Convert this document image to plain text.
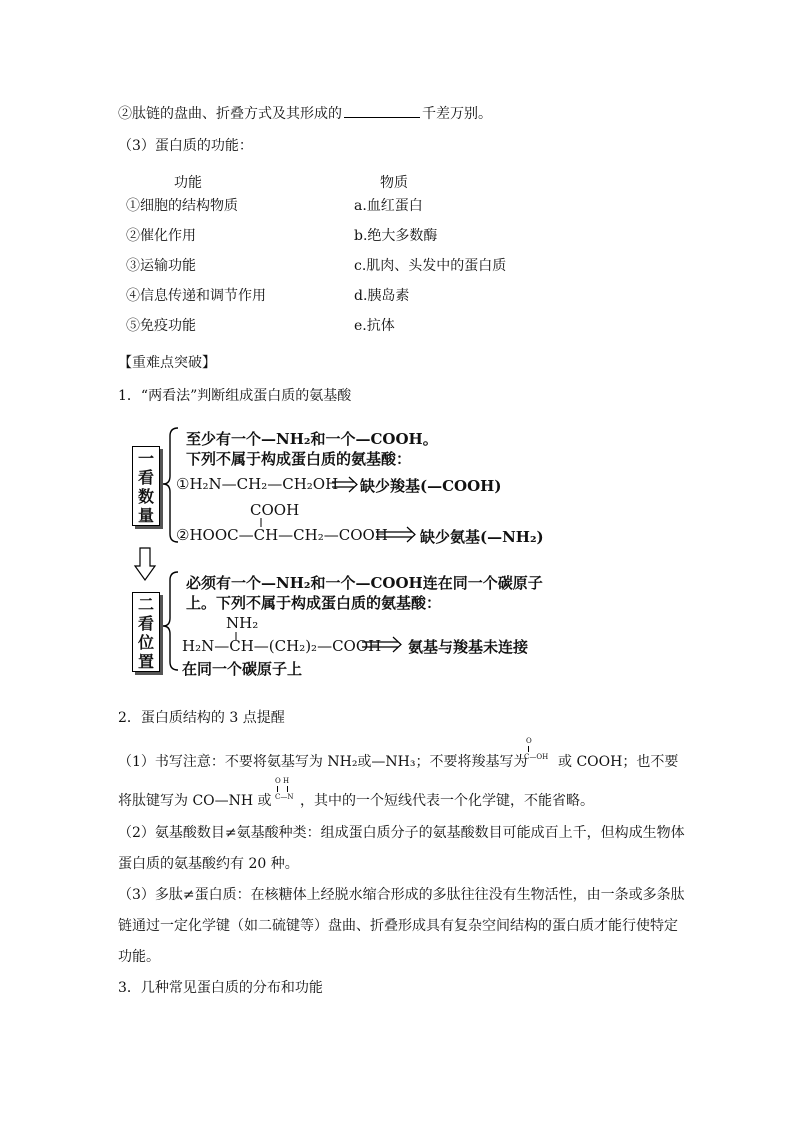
②肽链的盘曲、折叠方式及其形成的	千差万别。
（3）蛋白质的功能：
功能	物质
①细胞的结构物质	a.血红蛋白
②催化作用	b.绝大多数酶
③运输功能	c.肌肉、头发中的蛋白质
④信息传递和调节作用	d.胰岛素
⑤免疫功能	e.抗体
【重难点突破】
1．“两看法”判断组成蛋白质的氨基酸
一看数量
二看位置
至少有一个—NH₂和一个—COOH。
下列不属于构成蛋白质的氨基酸：
①H₂N—CH₂—CH₂OH 缺少羧基(—COOH)
COOH
②HOOC—CH—CH₂—COOH 缺少氨基(—NH₂)
必须有一个—NH₂和一个—COOH连在同一个碳原子
上。下列不属于构成蛋白质的氨基酸：
NH₂
H₂N—CH—(CH₂)₂—COOH 氨基与羧基未连接
在同一个碳原子上
2．蛋白质结构的 3 点提醒
（1）书写注意：不要将氨基写为 NH₂或—NH₃；不要将羧基写为
O
C—OH 或 COOH；也不要
将肽键写为 CO—NH 或
O H
C—N ，其中的一个短线代表一个化学键，不能省略。
（2）氨基酸数目≠氨基酸种类：组成蛋白质分子的氨基酸数目可能成百上千，但构成生物体
蛋白质的氨基酸约有 20 种。
（3）多肽≠蛋白质：在核糖体上经脱水缩合形成的多肽往往没有生物活性，由一条或多条肽
链通过一定化学键（如二硫键等）盘曲、折叠形成具有复杂空间结构的蛋白质才能行使特定
功能。
3．几种常见蛋白质的分布和功能
